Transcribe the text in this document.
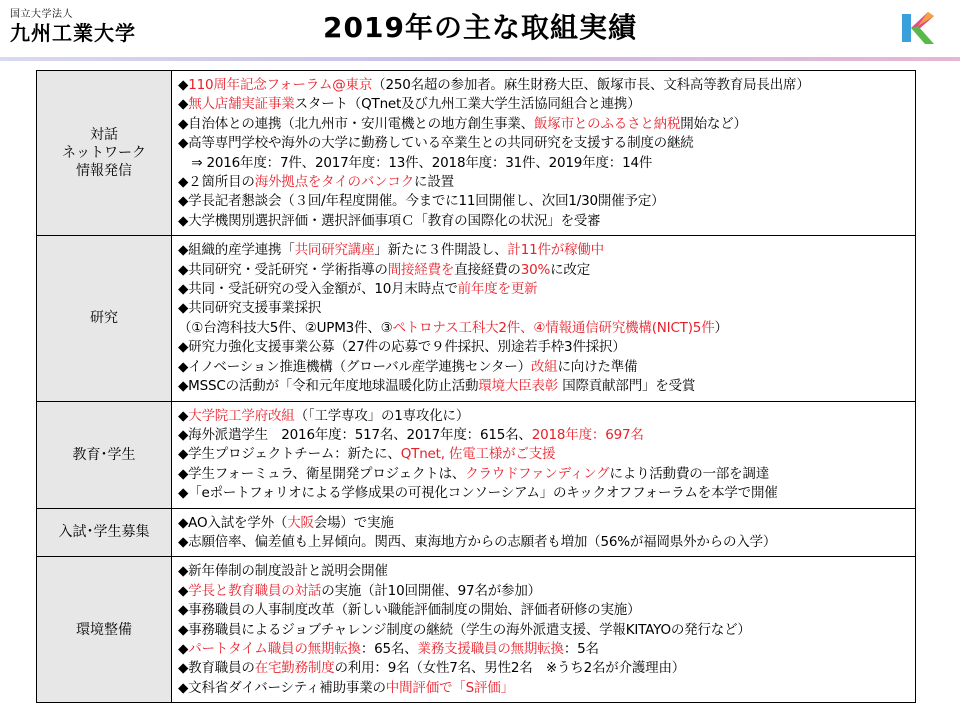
国立大学法人
九州工業大学	2019年の主な取組実績
対話
ネットワーク
情報発信
◆110周年記念フォーラム@東京（250名超の参加者。麻生財務大臣、飯塚市長、文科高等教育局長出席）
◆無人店舗実証事業スタート（QTnet及び九州工業大学生活協同組合と連携）
◆自治体との連携（北九州市・安川電機との地方創生事業、飯塚市とのふるさと納税開始など）
◆高等専門学校や海外の大学に勤務している卒業生との共同研究を支援する制度の継続
　⇒ 2016年度：7件、2017年度：13件、2018年度：31件、2019年度：14件
◆２箇所目の海外拠点をタイのバンコクに設置
◆学長記者懇談会（３回/年程度開催。今までに11回開催し、次回1/30開催予定）
◆大学機関別選択評価・選択評価事項Ｃ「教育の国際化の状況」を受審
研究
◆組織的産学連携「共同研究講座」新たに３件開設し、計11件が稼働中
◆共同研究・受託研究・学術指導の間接経費を直接経費の30%に改定
◆共同・受託研究の受入金額が、10月末時点で前年度を更新
◆共同研究支援事業採択
（①台湾科技大5件、②UPM3件、③ペトロナス工科大2件、④情報通信研究機構(NICT)5件）
◆研究力強化支援事業公募（27件の応募で９件採択、別途若手枠3件採択）
◆イノベーション推進機構（グローバル産学連携センター）改組に向けた準備
◆MSSCの活動が「令和元年度地球温暖化防止活動環境大臣表彰 国際貢献部門」を受賞
教育･学生
◆大学院工学府改組（「工学専攻」の1専攻化に）
◆海外派遣学生　2016年度：517名、2017年度：615名、2018年度：697名
◆学生プロジェクトチーム：新たに、QTnet, 佐電工様がご支援
◆学生フォーミュラ、衛星開発プロジェクトは、クラウドファンディングにより活動費の一部を調達
◆「eポートフォリオによる学修成果の可視化コンソーシアム」のキックオフフォーラムを本学で開催
入試･学生募集
◆AO入試を学外（大阪会場）で実施
◆志願倍率、偏差値も上昇傾向。関西、東海地方からの志願者も増加（56%が福岡県外からの入学）
環境整備
◆新年俸制の制度設計と説明会開催
◆学長と教育職員の対話の実施（計10回開催、97名が参加）
◆事務職員の人事制度改革（新しい職能評価制度の開始、評価者研修の実施）
◆事務職員によるジョブチャレンジ制度の継続（学生の海外派遣支援、学報KITAYOの発行など）
◆パートタイム職員の無期転換：65名、業務支援職員の無期転換：5名
◆教育職員の在宅勤務制度の利用：9名（女性7名、男性2名　※うち2名が介護理由）
◆文科省ダイバーシティ補助事業の中間評価で「S評価」
